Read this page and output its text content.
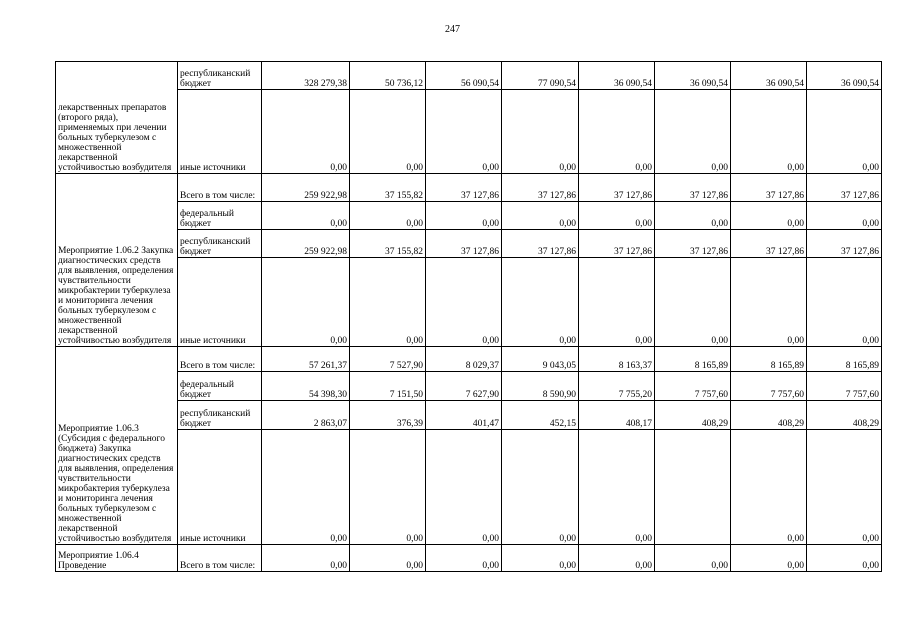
247
лекарственных препаратов (второго ряда), применяемых при лечении больных туберкулезом с множественной лекарственной устойчивостью возбудителя	республиканский бюджет	328 279,38	50 736,12	56 090,54	77 090,54	36 090,54	36 090,54	36 090,54	36 090,54
	иные источники	0,00	0,00	0,00	0,00	0,00	0,00	0,00	0,00
Мероприятие 1.06.2 Закупка диагностических средств для выявления, определения чувствительности микробактерии туберкулеза и мониторинга лечения больных туберкулезом с множественной лекарственной устойчивостью возбудителя	Всего в том числе:	259 922,98	37 155,82	37 127,86	37 127,86	37 127,86	37 127,86	37 127,86	37 127,86
	федеральный бюджет	0,00	0,00	0,00	0,00	0,00	0,00	0,00	0,00
	республиканский бюджет	259 922,98	37 155,82	37 127,86	37 127,86	37 127,86	37 127,86	37 127,86	37 127,86
	иные источники	0,00	0,00	0,00	0,00	0,00	0,00	0,00	0,00
Мероприятие 1.06.3 (Субсидия с федерального бюджета) Закупка диагностических средств для выявления, определения чувствительности микробактерия туберкулеза и мониторинга лечения больных туберкулезом с множественной лекарственной устойчивостью возбудителя	Всего в том числе:	57 261,37	7 527,90	8 029,37	9 043,05	8 163,37	8 165,89	8 165,89	8 165,89
	федеральный бюджет	54 398,30	7 151,50	7 627,90	8 590,90	7 755,20	7 757,60	7 757,60	7 757,60
	республиканский бюджет	2 863,07	376,39	401,47	452,15	408,17	408,29	408,29	408,29
	иные источники	0,00	0,00	0,00	0,00	0,00		0,00	0,00
Мероприятие 1.06.4 Проведение	Всего в том числе:	0,00	0,00	0,00	0,00	0,00	0,00	0,00	0,00
